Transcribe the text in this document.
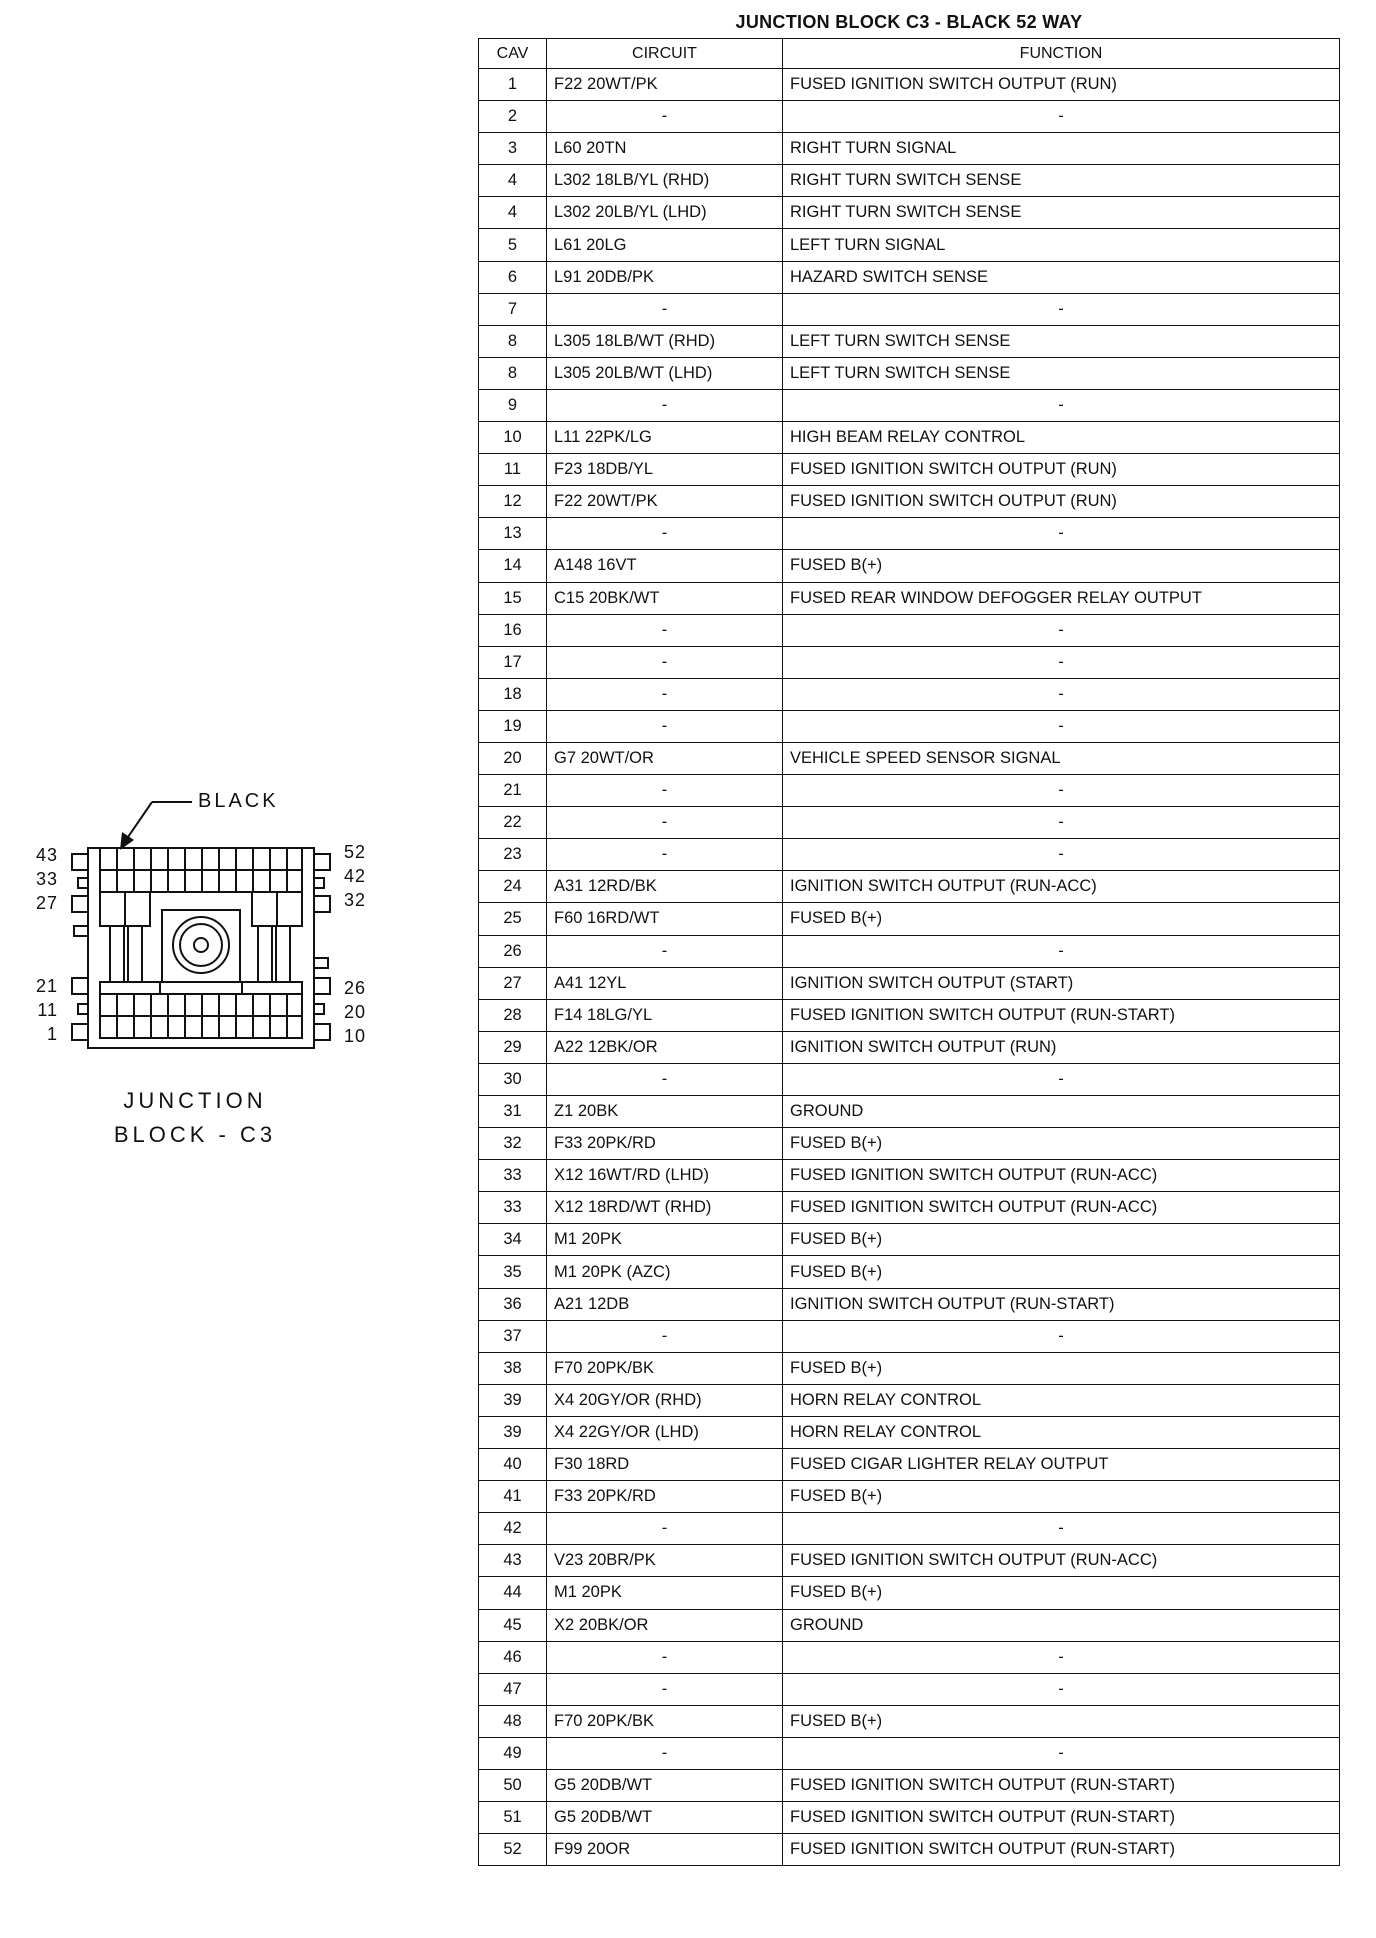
BLACK
43
33
27
21
11
1
52
42
32
26
20
10
JUNCTION
BLOCK - C3
JUNCTION BLOCK C3 - BLACK 52 WAY
CAV	CIRCUIT	FUNCTION
1	F22 20WT/PK	FUSED IGNITION SWITCH OUTPUT (RUN)
2	-	-
3	L60 20TN	RIGHT TURN SIGNAL
4	L302 18LB/YL (RHD)	RIGHT TURN SWITCH SENSE
4	L302 20LB/YL (LHD)	RIGHT TURN SWITCH SENSE
5	L61 20LG	LEFT TURN SIGNAL
6	L91 20DB/PK	HAZARD SWITCH SENSE
7	-	-
8	L305 18LB/WT (RHD)	LEFT TURN SWITCH SENSE
8	L305 20LB/WT (LHD)	LEFT TURN SWITCH SENSE
9	-	-
10	L11 22PK/LG	HIGH BEAM RELAY CONTROL
11	F23 18DB/YL	FUSED IGNITION SWITCH OUTPUT (RUN)
12	F22 20WT/PK	FUSED IGNITION SWITCH OUTPUT (RUN)
13	-	-
14	A148 16VT	FUSED B(+)
15	C15 20BK/WT	FUSED REAR WINDOW DEFOGGER RELAY OUTPUT
16	-	-
17	-	-
18	-	-
19	-	-
20	G7 20WT/OR	VEHICLE SPEED SENSOR SIGNAL
21	-	-
22	-	-
23	-	-
24	A31 12RD/BK	IGNITION SWITCH OUTPUT (RUN-ACC)
25	F60 16RD/WT	FUSED B(+)
26	-	-
27	A41 12YL	IGNITION SWITCH OUTPUT (START)
28	F14 18LG/YL	FUSED IGNITION SWITCH OUTPUT (RUN-START)
29	A22 12BK/OR	IGNITION SWITCH OUTPUT (RUN)
30	-	-
31	Z1 20BK	GROUND
32	F33 20PK/RD	FUSED B(+)
33	X12 16WT/RD (LHD)	FUSED IGNITION SWITCH OUTPUT (RUN-ACC)
33	X12 18RD/WT (RHD)	FUSED IGNITION SWITCH OUTPUT (RUN-ACC)
34	M1 20PK	FUSED B(+)
35	M1 20PK (AZC)	FUSED B(+)
36	A21 12DB	IGNITION SWITCH OUTPUT (RUN-START)
37	-	-
38	F70 20PK/BK	FUSED B(+)
39	X4 20GY/OR (RHD)	HORN RELAY CONTROL
39	X4 22GY/OR (LHD)	HORN RELAY CONTROL
40	F30 18RD	FUSED CIGAR LIGHTER RELAY OUTPUT
41	F33 20PK/RD	FUSED B(+)
42	-	-
43	V23 20BR/PK	FUSED IGNITION SWITCH OUTPUT (RUN-ACC)
44	M1 20PK	FUSED B(+)
45	X2 20BK/OR	GROUND
46	-	-
47	-	-
48	F70 20PK/BK	FUSED B(+)
49	-	-
50	G5 20DB/WT	FUSED IGNITION SWITCH OUTPUT (RUN-START)
51	G5 20DB/WT	FUSED IGNITION SWITCH OUTPUT (RUN-START)
52	F99 20OR	FUSED IGNITION SWITCH OUTPUT (RUN-START)
